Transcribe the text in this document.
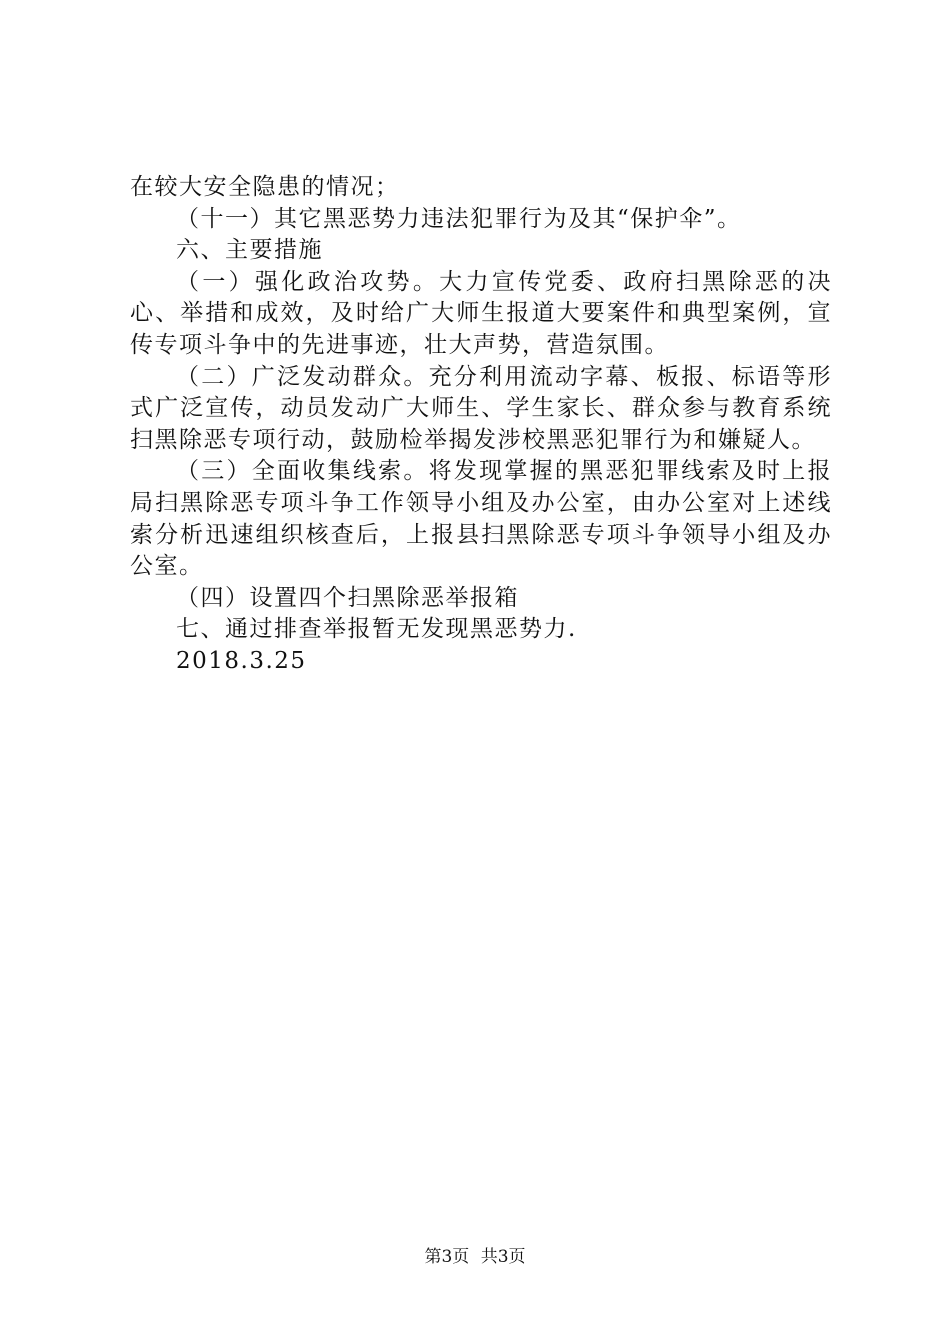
在较大安全隐患的情况；

（十一）其它黑恶势力违法犯罪行为及其“保护伞”。

六、主要措施

（一）强化政治攻势。大力宣传党委、政府扫黑除恶的决心、举措和成效，及时给广大师生报道大要案件和典型案例，宣传专项斗争中的先进事迹，壮大声势，营造氛围。

（二）广泛发动群众。充分利用流动字幕、板报、标语等形式广泛宣传，动员发动广大师生、学生家长、群众参与教育系统扫黑除恶专项行动，鼓励检举揭发涉校黑恶犯罪行为和嫌疑人。

（三）全面收集线索。将发现掌握的黑恶犯罪线索及时上报局扫黑除恶专项斗争工作领导小组及办公室，由办公室对上述线索分析迅速组织核查后，上报县扫黑除恶专项斗争领导小组及办公室。

（四）设置四个扫黑除恶举报箱

七、通过排查举报暂无发现黑恶势力.

2018.3.25

第3页 共3页
